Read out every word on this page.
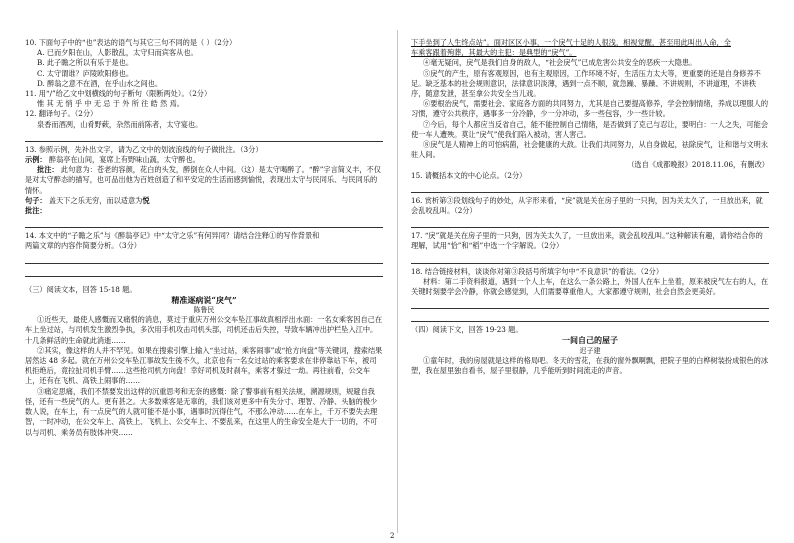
10. 下面句子中的“也”表达的语气与其它三句不同的是（ ）（2分）
A. 已而夕阳在山，人影散乱，太守归而宾客从也。
B. 此子瞻之所以有乐于是也。
C. 太守谓谁？庐陵欧阳修也。
D. 醉翁之意不在酒，在乎山水之间也。
11. 用“/”给乙文中划横线的句子断句（限断两处）。（2分）
惟 其 无 悄 乎 中 无 忌 于 外 所 往 皓 然 焉。
12. 翻译句子。（2分）
泉香而酒冽，山肴野蔌，杂然而前陈者，太守宴也。
13. 参照示例，先补出文字，请为乙文中的划波浪线的句子做批注。（3分）
示例： 醉翁亭在山间，宴席上有野味山蔬，太守醉也。
批注： 此句意为：苍老的容颜，花白的头发，醉倒在众人中间。（这）是太守喝醉了。“醉”字言简义丰，不仅是对太守醉态的描写，也可品出他为百姓创造了和平安定的生活而感到愉悦，表现出太守与民同乐、与民同乐的情怀。
句子： 盖天下之乐无穷，而以适意为悦
批注：
14. 本文中的“子瞻之乐”与《醉翁亭记》中“太守之乐”有何异同？请结合注释①的写作背景和
两篇文章的内容作简要分析。（3分）
（三）阅读文本，回答 15-18 题。
精准逐病说“戾气”
陈鲁民
①近些天，最使人感慨而又痛恨的消息，莫过于重庆万州公交车坠江事故真相浮出水面：一名女乘客因自己在车上坐过站，与司机发生激烈争执，多次用手机攻击司机头部，司机还击后失控，导致车辆冲出护栏坠入江中。十几条鲜活的生命就此消逝……
②其实，像这样的人并不罕见。如果在搜索引擎上输入“坐过站，乘客闹事”或“抢方向盘”等关键词，搜索结果居然达 48 多起。就在万州公交车坠江事故发生後不久，北京也有一名女过站的乘客要求在非停靠站下车，被司机拒绝后，竟拉扯司机手臂……这些抢司机方向盘！幸好司机及时刹车，乘客才躲过一劫。再往前看，公交车上，还有在飞机、高铁上闹事的……
③痛定思痛，我们不禁要发出这样的沉重思考和无奈的感慨：除了警事前有相关法规，溯源规则，规避自我怪，还有一些戾气的人。更有甚之。大多数乘客是无辜的，我们该对更多中有失分寸、理智、冷静、头脑的极少数人说，在车上，有一点戾气的人就可能不是小事，遇事时沉得住气，不那么冲动……在车上，千万不要失去理智，一时冲动，在公交车上、高铁上、飞机上、公交车上、不要乱来，在这里人的生命安全是大于一切的，不可以与司机、乘务员有肢体冲突……
下手坐到了人生终点站”。面对区区小事，一个戾气十足的人很浅，相视觉醒，甚至用此叫出人命，全
车乘客跟着殉葬，其最大的主犯：是典型的“戾气”。
④毫无疑问，戾气是我们自身的敌人，“社会戾气”已成危害公共安全的恶疾一大隐患。
⑤戾气的产生，原有客观原因，也有主观原因，工作环境不好，生活压力太大等，更重要的还是自身修养不足。缺乏基本的社会规则意识，法律意识淡薄，遇到一点不顺，就急躁、暴躁、不讲规则，不讲道理，不讲秩序，随意发泄，甚至拿公共安全当儿戏。
⑥要根治戾气，需要社会、家庭各方面的共同努力，尤其是自己要提高修养，学会控制情绪，养成以理服人的习惯，遵守公共秩序，遇事多一分冷静，少一分冲动，多一些包容，少一些计较。
⑦今后，每个人都应当反省自己，能不能控制自己情绪，是否做到了克己与忍让，要明白：一人之失，可能会使一车人遭殃。莫让“戾气”使我们陷入被动，害人害己。
⑧戾气是人精神上的可怕病菌，社会健康的大敌。让我们共同努力，从自身做起，祛除戾气，让和谐与文明永驻人间。
（选自《成都晚报》2018.11.06，有删改）
15. 请概括本文的中心论点。（2分）
16. 赏析第③段划线句子的妙处，从字形来看，“戾”就是关在房子里的一只狗，因为关太久了，一旦放出来，就会乱咬乱叫。（2分）
17. “戾”就是关在房子里的一只狗，因为关太久了，一旦放出来，就会乱咬乱叫。”这种解读有趣，请你结合你的理解，试用“恰”和“稻”中选一个字解说。（2分）
18. 结合链接材料，谈谈你对第③段括号所填字句中“不良意识”的看法。（2分）
材料：第二手资料报道，遇到一个人上车，在这么一条公路上，外国人在车上坐着，原来被戾气左右的人，在关键时刻要学会冷静，你就会感觉到，人们需要尊重他人，大家都遵守规则，社会自然会更美好。
（四）阅读下文，回答 19-23 题。
一间自己的屋子
迟子建
①童年时，我的房屋就是这样的格局吧。冬天的雪花，在我的窗外飘啊飘，把院子里的白桦树装扮成银色的冰塑，我在屋里独自看书，屋子里很静，几乎能听到时间流走的声音。
2
